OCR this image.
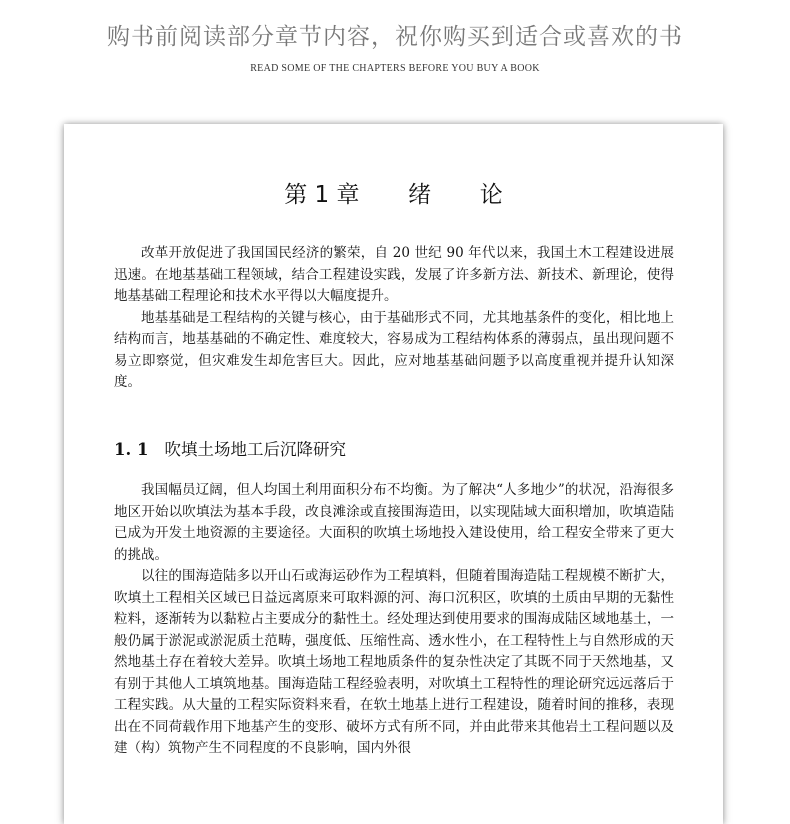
购书前阅读部分章节内容，祝你购买到适合或喜欢的书
READ SOME OF THE CHAPTERS BEFORE YOU BUY A BOOK
第 1 章 绪 论

改革开放促进了我国国民经济的繁荣，自 20 世纪 90 年代以来，我国土木工程建设进展迅速。在地基基础工程领域，结合工程建设实践，发展了许多新方法、新技术、新理论，使得地基基础工程理论和技术水平得以大幅度提升。

地基基础是工程结构的关键与核心，由于基础形式不同，尤其地基条件的变化，相比地上结构而言，地基基础的不确定性、难度较大，容易成为工程结构体系的薄弱点，虽出现问题不易立即察觉，但灾难发生却危害巨大。因此，应对地基基础问题予以高度重视并提升认知深度。

1. 1 吹填土场地工后沉降研究

我国幅员辽阔，但人均国土利用面积分布不均衡。为了解决“人多地少”的状况，沿海很多地区开始以吹填法为基本手段，改良滩涂或直接围海造田，以实现陆域大面积增加，吹填造陆已成为开发土地资源的主要途径。大面积的吹填土场地投入建设使用，给工程安全带来了更大的挑战。

以往的围海造陆多以开山石或海运砂作为工程填料，但随着围海造陆工程规模不断扩大，吹填土工程相关区域已日益远离原来可取料源的河、海口沉积区，吹填的土质由早期的无黏性粒料，逐渐转为以黏粒占主要成分的黏性土。经处理达到使用要求的围海成陆区域地基土，一般仍属于淤泥或淤泥质土范畴，强度低、压缩性高、透水性小，在工程特性上与自然形成的天然地基土存在着较大差异。吹填土场地工程地质条件的复杂性决定了其既不同于天然地基，又有别于其他人工填筑地基。围海造陆工程经验表明，对吹填土工程特性的理论研究远远落后于工程实践。从大量的工程实际资料来看，在软土地基上进行工程建设，随着时间的推移，表现出在不同荷载作用下地基产生的变形、破坏方式有所不同，并由此带来其他岩土工程问题以及建（构）筑物产生不同程度的不良影响，国内外很
